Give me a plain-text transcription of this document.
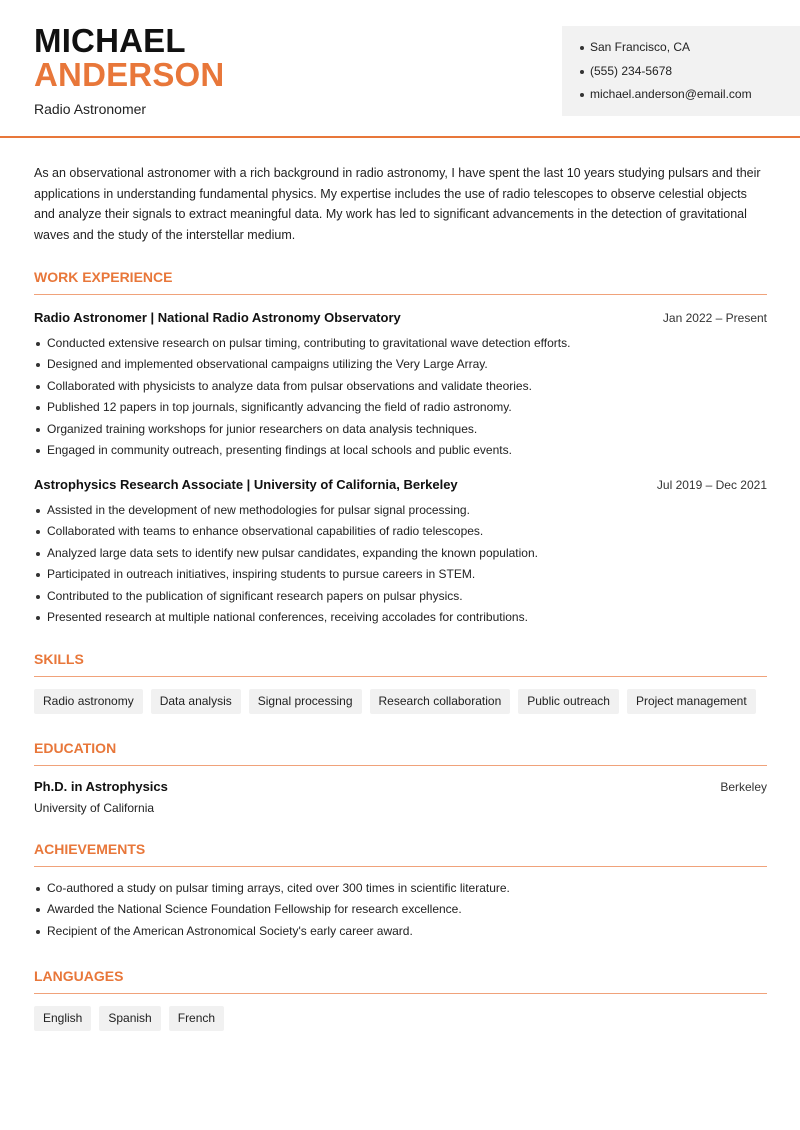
MICHAEL
ANDERSON
Radio Astronomer
San Francisco, CA
(555) 234-5678
michael.anderson@email.com

As an observational astronomer with a rich background in radio astronomy, I have spent the last 10 years studying pulsars and their applications in understanding fundamental physics. My expertise includes the use of radio telescopes to observe celestial objects and analyze their signals to extract meaningful data. My work has led to significant advancements in the detection of gravitational waves and the study of the interstellar medium.

WORK EXPERIENCE
Radio Astronomer | National Radio Astronomy Observatory	Jan 2022 – Present
Conducted extensive research on pulsar timing, contributing to gravitational wave detection efforts.
Designed and implemented observational campaigns utilizing the Very Large Array.
Collaborated with physicists to analyze data from pulsar observations and validate theories.
Published 12 papers in top journals, significantly advancing the field of radio astronomy.
Organized training workshops for junior researchers on data analysis techniques.
Engaged in community outreach, presenting findings at local schools and public events.
Astrophysics Research Associate | University of California, Berkeley	Jul 2019 – Dec 2021
Assisted in the development of new methodologies for pulsar signal processing.
Collaborated with teams to enhance observational capabilities of radio telescopes.
Analyzed large data sets to identify new pulsar candidates, expanding the known population.
Participated in outreach initiatives, inspiring students to pursue careers in STEM.
Contributed to the publication of significant research papers on pulsar physics.
Presented research at multiple national conferences, receiving accolades for contributions.
SKILLS
Radio astronomy	Data analysis	Signal processing	Research collaboration	Public outreach	Project management
EDUCATION
Ph.D. in Astrophysics
University of California
Berkeley
ACHIEVEMENTS
Co-authored a study on pulsar timing arrays, cited over 300 times in scientific literature.
Awarded the National Science Foundation Fellowship for research excellence.
Recipient of the American Astronomical Society's early career award.
LANGUAGES
English	Spanish	French
